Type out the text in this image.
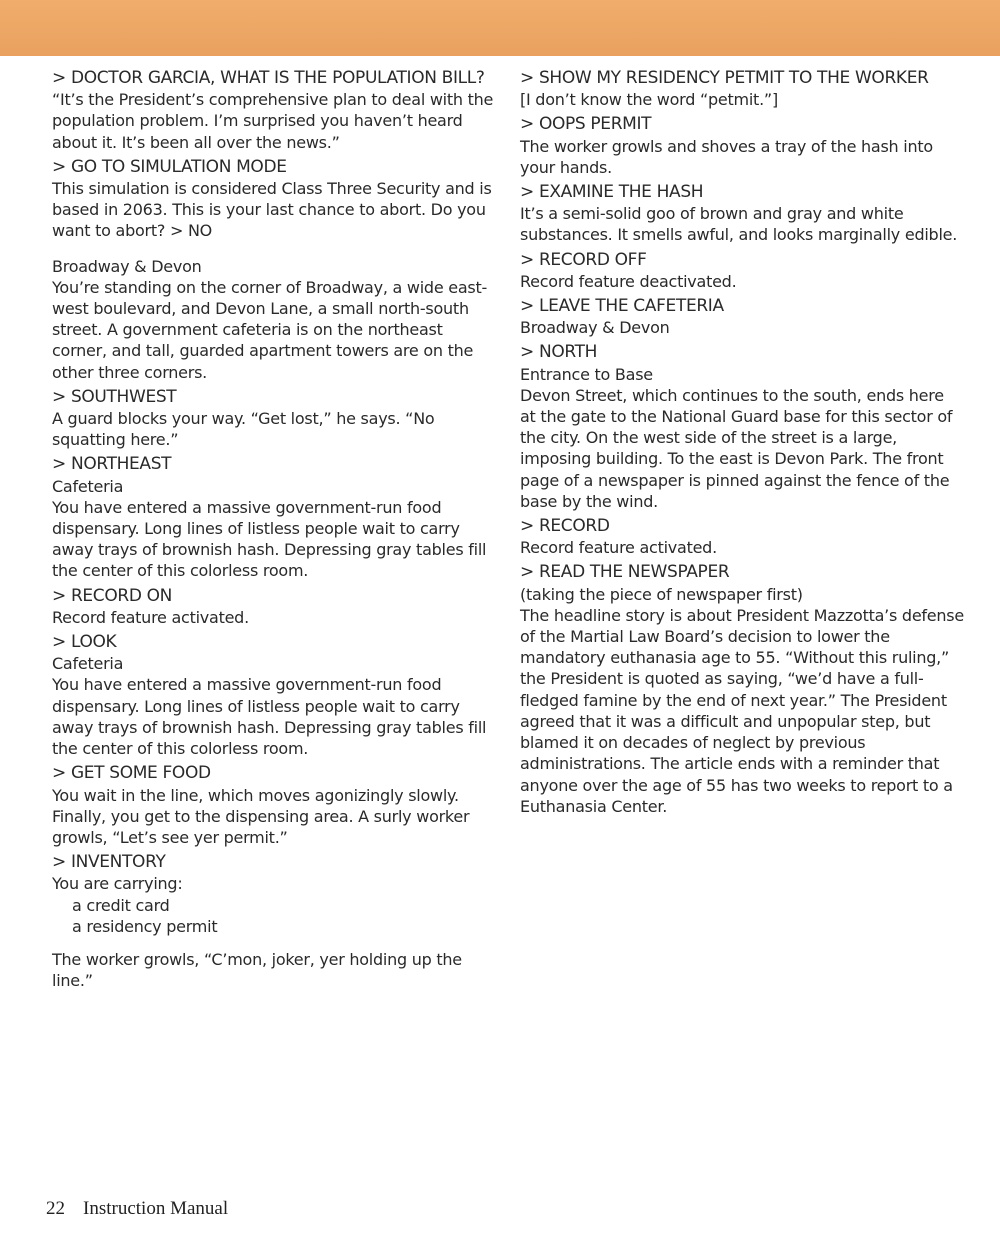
> DOCTOR GARCIA, WHAT IS THE POPULATION BILL?

“It’s the President’s comprehensive plan to deal with the population problem. I’m surprised you haven’t heard about it. It’s been all over the news.”

> GO TO SIMULATION MODE

This simulation is considered Class Three Security and is based in 2063. This is your last chance to abort. Do you want to abort? > NO

Broadway & Devon

You’re standing on the corner of Broadway, a wide east-west boulevard, and Devon Lane, a small north-south street. A government cafeteria is on the northeast corner, and tall, guarded apartment towers are on the other three corners.

> SOUTHWEST

A guard blocks your way. “Get lost,” he says. “No squatting here.”

> NORTHEAST

Cafeteria

You have entered a massive government-run food dispensary. Long lines of listless people wait to carry away trays of brownish hash. Depressing gray tables fill the center of this colorless room.

> RECORD ON

Record feature activated.

> LOOK

Cafeteria

You have entered a massive government-run food dispensary. Long lines of listless people wait to carry away trays of brownish hash. Depressing gray tables fill the center of this colorless room.

> GET SOME FOOD

You wait in the line, which moves agonizingly slowly. Finally, you get to the dispensing area. A surly worker growls, “Let’s see yer permit.”

> INVENTORY

You are carrying:

a credit card

a residency permit

The worker growls, “C’mon, joker, yer holding up the line.”

> SHOW MY RESIDENCY PETMIT TO THE WORKER

[I don’t know the word “petmit.”]

> OOPS PERMIT

The worker growls and shoves a tray of the hash into your hands.

> EXAMINE THE HASH

It’s a semi-solid goo of brown and gray and white substances. It smells awful, and looks marginally edible.

> RECORD OFF

Record feature deactivated.

> LEAVE THE CAFETERIA

Broadway & Devon

> NORTH

Entrance to Base

Devon Street, which continues to the south, ends here at the gate to the National Guard base for this sector of the city. On the west side of the street is a large, imposing building. To the east is Devon Park. The front page of a newspaper is pinned against the fence of the base by the wind.

> RECORD

Record feature activated.

> READ THE NEWSPAPER

(taking the piece of newspaper first)

The headline story is about President Mazzotta’s defense of the Martial Law Board’s decision to lower the mandatory euthanasia age to 55. “Without this ruling,” the President is quoted as saying, “we’d have a full-fledged famine by the end of next year.” The President agreed that it was a difficult and unpopular step, but blamed it on decades of neglect by previous administrations. The article ends with a reminder that anyone over the age of 55 has two weeks to report to a Euthanasia Center.

22 Instruction Manual
